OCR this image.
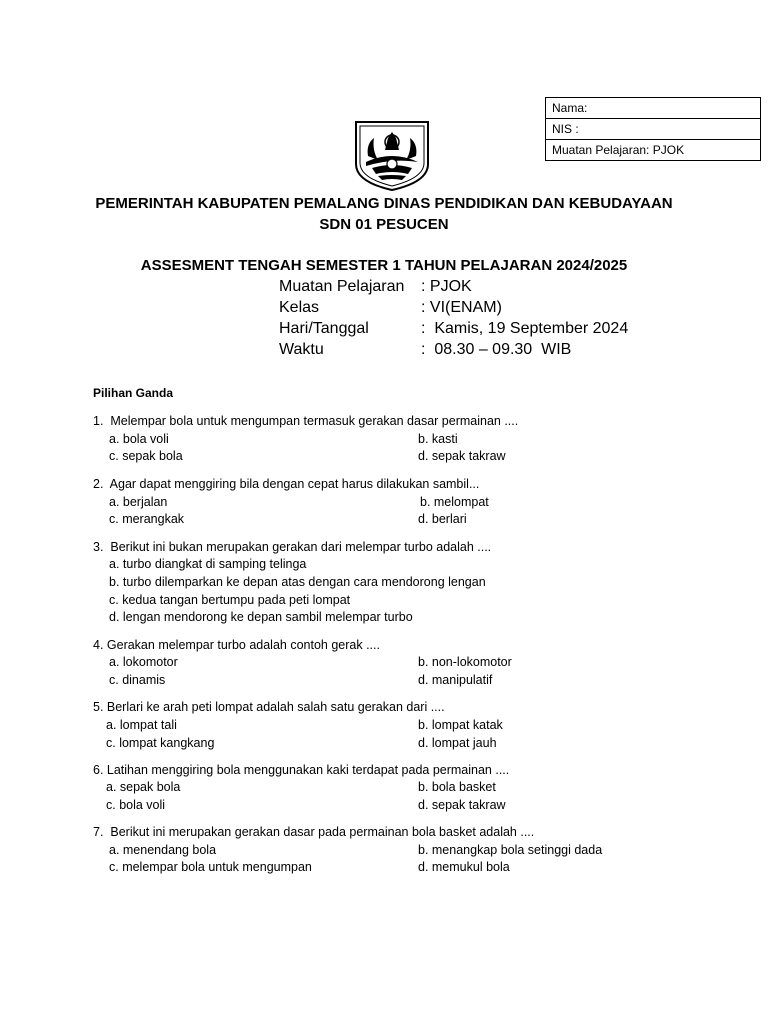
Nama:
NIS :
Muatan Pelajaran: PJOK
PEMERINTAH KABUPATEN PEMALANG DINAS PENDIDIKAN DAN KEBUDAYAAN
SDN 01 PESUCEN
ASSESMENT TENGAH SEMESTER 1 TAHUN PELAJARAN 2024/2025
Muatan Pelajaran : PJOK
Kelas	: VI(ENAM)
Hari/Tanggal	:  Kamis, 19 September 2024
Waktu	:  08.30 – 09.30  WIB
Pilihan Ganda
1.  Melempar bola untuk mengumpan termasuk gerakan dasar permainan ....
a. bola voli	b. kasti
c. sepak bola	d. sepak takraw
2.  Agar dapat menggiring bila dengan cepat harus dilakukan sambil...
a. berjalan	b. melompat
c. merangkak	d. berlari
3.  Berikut ini bukan merupakan gerakan dari melempar turbo adalah ....
a. turbo diangkat di samping telinga
b. turbo dilemparkan ke depan atas dengan cara mendorong lengan
c. kedua tangan bertumpu pada peti lompat
d. lengan mendorong ke depan sambil melempar turbo
4. Gerakan melempar turbo adalah contoh gerak ....
a. lokomotor	b. non-lokomotor
c. dinamis	d. manipulatif
5. Berlari ke arah peti lompat adalah salah satu gerakan dari ....
a. lompat tali	b. lompat katak
c. lompat kangkang	d. lompat jauh
6. Latihan menggiring bola menggunakan kaki terdapat pada permainan ....
a. sepak bola	b. bola basket
c. bola voli	d. sepak takraw
7.  Berikut ini merupakan gerakan dasar pada permainan bola basket adalah ....
a. menendang bola	b. menangkap bola setinggi dada
c. melempar bola untuk mengumpan	d. memukul bola
